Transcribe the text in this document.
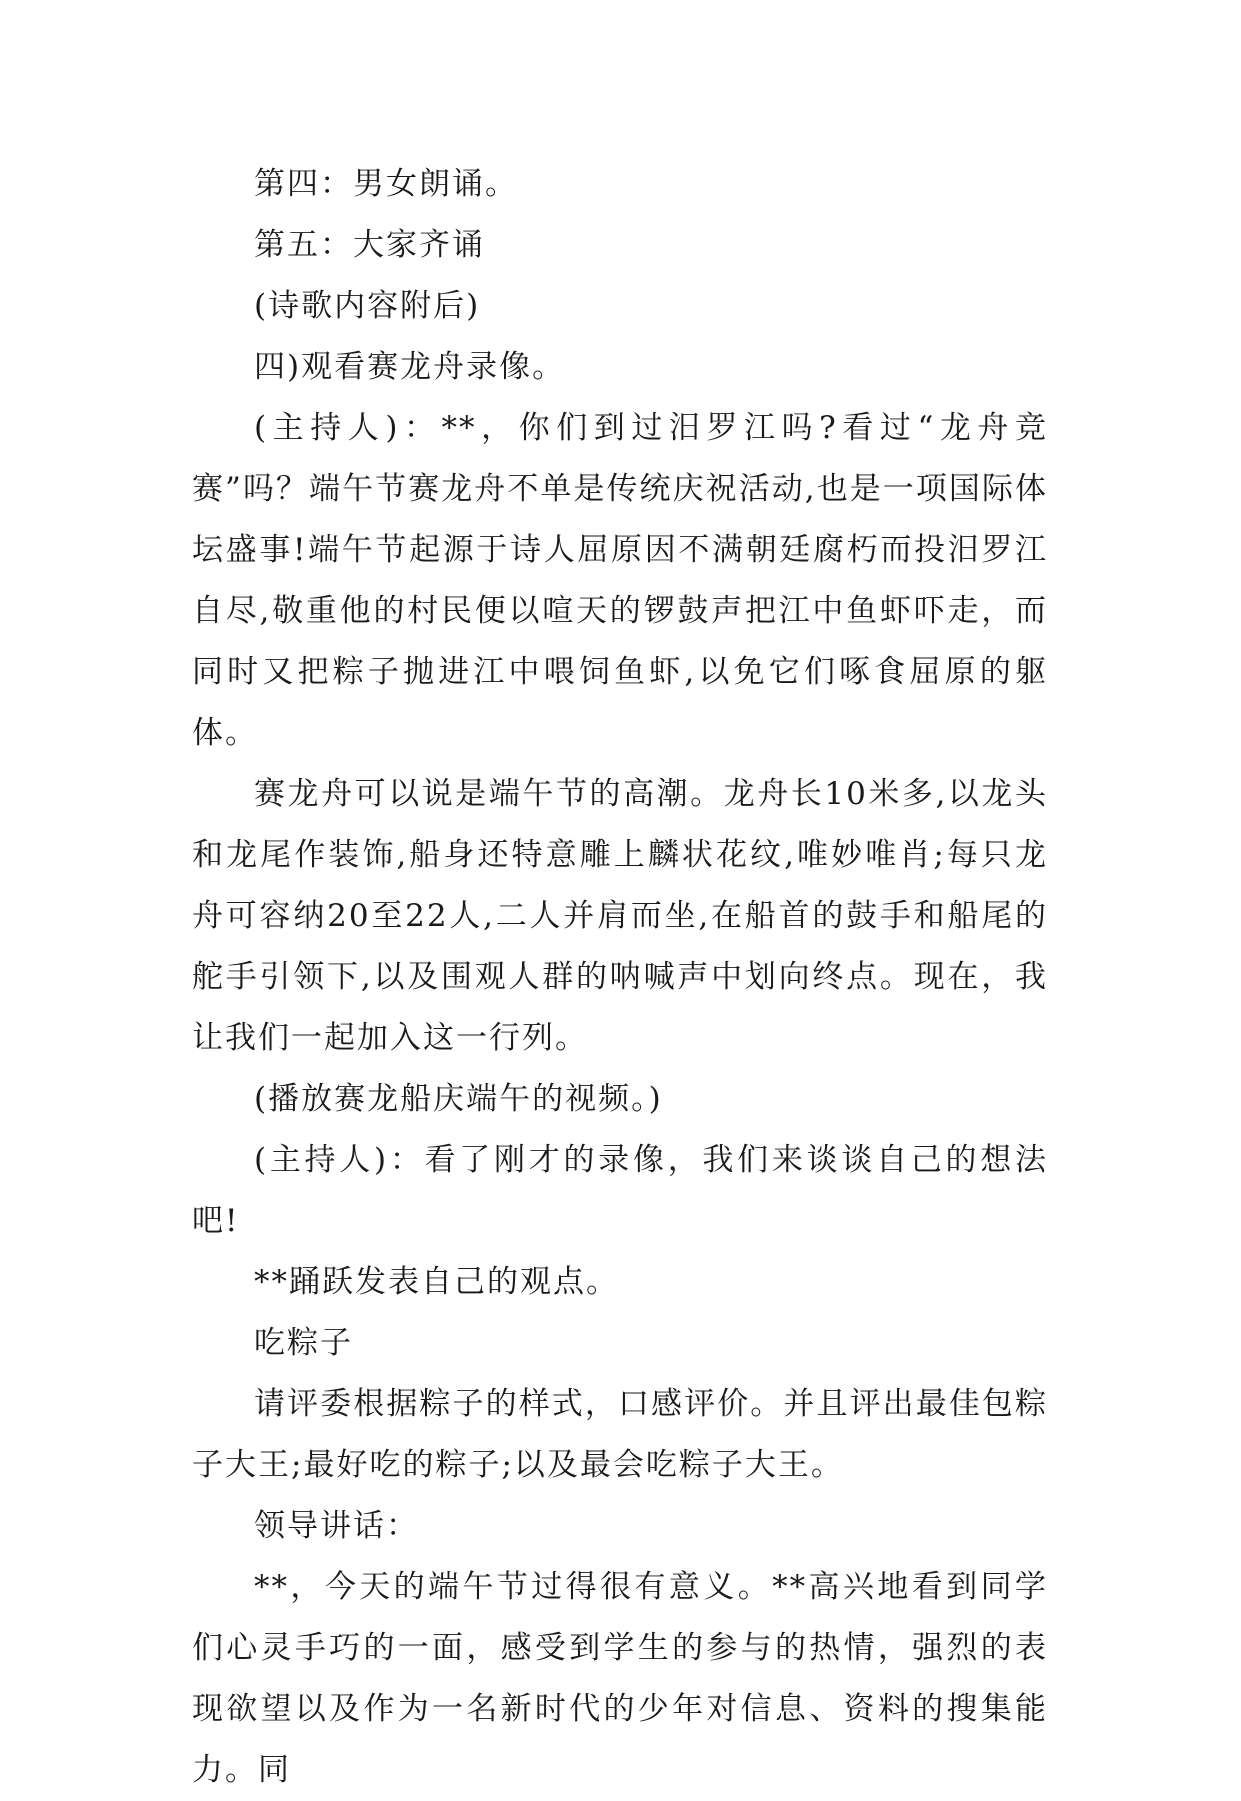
第四：男女朗诵。

第五：大家齐诵

(诗歌内容附后)

四)观看赛龙舟录像。

(主持人)：**，你们到过汨罗江吗?看过“龙舟竞赛”吗？端午节赛龙舟不单是传统庆祝活动,也是一项国际体坛盛事!端午节起源于诗人屈原因不满朝廷腐朽而投汨罗江自尽,敬重他的村民便以喧天的锣鼓声把江中鱼虾吓走，而同时又把粽子抛进江中喂饲鱼虾,以免它们啄食屈原的躯体。

赛龙舟可以说是端午节的高潮。龙舟长10米多,以龙头和龙尾作装饰,船身还特意雕上麟状花纹,唯妙唯肖;每只龙舟可容纳20至22人,二人并肩而坐,在船首的鼓手和船尾的舵手引领下,以及围观人群的呐喊声中划向终点。现在，我让我们一起加入这一行列。

(播放赛龙船庆端午的视频。)

(主持人)：看了刚才的录像，我们来谈谈自己的想法吧!

**踊跃发表自己的观点。

吃粽子

请评委根据粽子的样式，口感评价。并且评出最佳包粽子大王;最好吃的粽子;以及最会吃粽子大王。

领导讲话：

**，今天的端午节过得很有意义。**高兴地看到同学们心灵手巧的一面，感受到学生的参与的热情，强烈的表现欲望以及作为一名新时代的少年对信息、资料的搜集能力。同
